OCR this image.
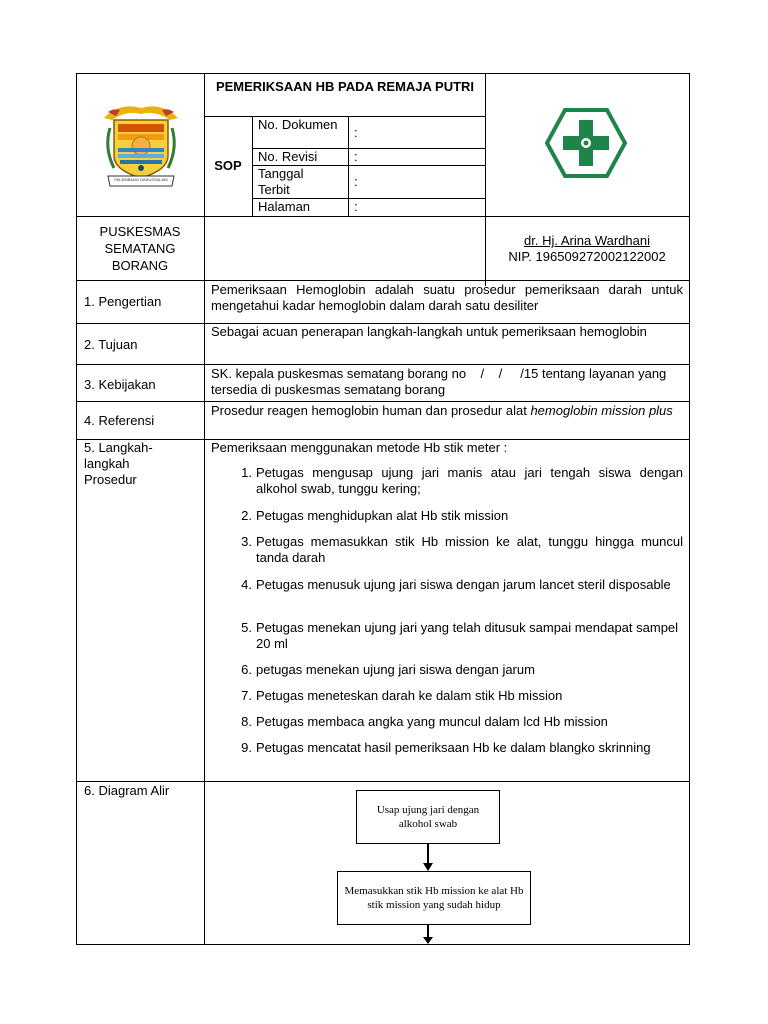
PALEMBANG DARUSSALAM
PEMERIKSAAN HB PADA REMAJA PUTRI
SOP
No. Dokumen
:
No. Revisi	:
Tanggal Terbit
:
Halaman	:
PUSKESMAS SEMATANG BORANG
dr. Hj. Arina Wardhani
NIP. 196509272002122002
1. Pengertian
Pemeriksaan Hemoglobin adalah suatu prosedur pemeriksaan darah untuk mengetahui kadar hemoglobin dalam darah satu desiliter
2. Tujuan
Sebagai acuan penerapan langkah-langkah untuk pemeriksaan hemoglobin
3. Kebijakan
SK. kepala puskesmas sematang borang no    /    /     /15 tentang layanan yang tersedia di puskesmas sematang borang
4. Referensi
Prosedur reagen hemoglobin human dan prosedur alat hemoglobin mission plus
5. Langkah-langkah Prosedur
Pemeriksaan menggunakan metode Hb stik meter :
1. Petugas mengusap ujung jari manis atau jari tengah siswa dengan alkohol swab, tunggu kering;
2. Petugas menghidupkan alat Hb stik mission
3. Petugas memasukkan stik Hb mission ke alat, tunggu hingga muncul tanda darah
4. Petugas menusuk ujung jari siswa dengan jarum lancet steril disposable
5. Petugas menekan ujung jari yang telah ditusuk sampai mendapat sampel 20 ml
6. petugas menekan ujung jari siswa dengan jarum
7. Petugas meneteskan darah ke dalam stik Hb mission
8. Petugas membaca angka yang muncul dalam lcd Hb mission
9. Petugas mencatat hasil pemeriksaan Hb ke dalam blangko skrinning
6. Diagram Alir
Usap ujung jari dengan alkohol swab
Memasukkan stik Hb mission ke alat Hb stik mission yang sudah hidup
